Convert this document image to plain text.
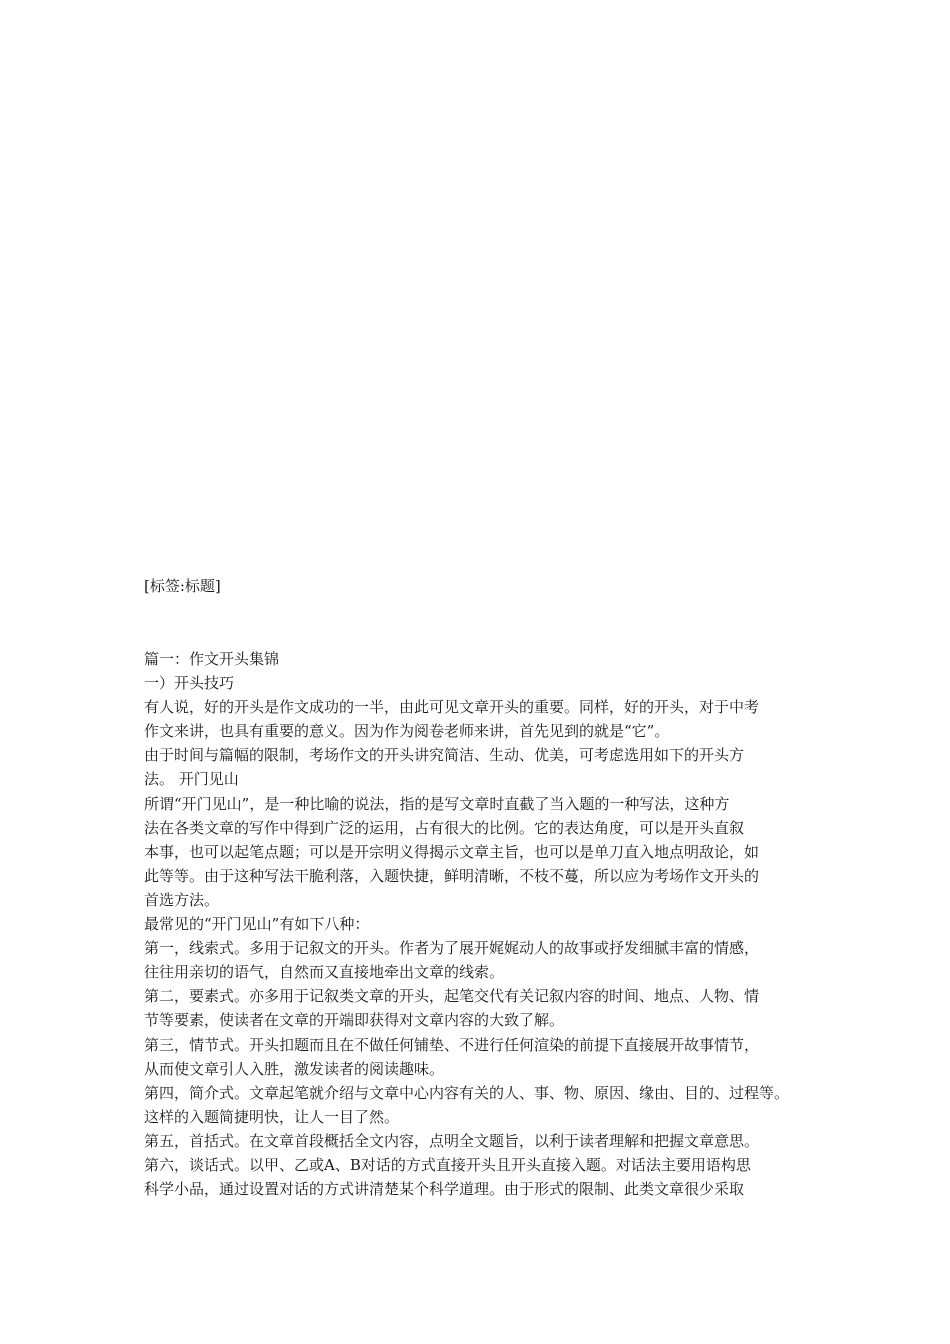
[标签:标题]
篇一：作文开头集锦
一）开头技巧
有人说，好的开头是作文成功的一半，由此可见文章开头的重要。同样，好的开头，对于中考
作文来讲，也具有重要的意义。因为作为阅卷老师来讲，首先见到的就是“它”。
由于时间与篇幅的限制，考场作文的开头讲究简洁、生动、优美，可考虑选用如下的开头方
法。 开门见山
所谓“开门见山”，是一种比喻的说法，指的是写文章时直截了当入题的一种写法，这种方
法在各类文章的写作中得到广泛的运用，占有很大的比例。它的表达角度，可以是开头直叙
本事，也可以起笔点题；可以是开宗明义得揭示文章主旨，也可以是单刀直入地点明敌论，如
此等等。由于这种写法干脆利落，入题快捷，鲜明清晰，不枝不蔓，所以应为考场作文开头的
首选方法。
最常见的“开门见山”有如下八种：
第一，线索式。多用于记叙文的开头。作者为了展开娓娓动人的故事或抒发细腻丰富的情感，
往往用亲切的语气，自然而又直接地牵出文章的线索。
第二，要素式。亦多用于记叙类文章的开头，起笔交代有关记叙内容的时间、地点、人物、情
节等要素，使读者在文章的开端即获得对文章内容的大致了解。
第三，情节式。开头扣题而且在不做任何铺垫、不进行任何渲染的前提下直接展开故事情节，
从而使文章引人入胜，激发读者的阅读趣味。
第四，简介式。文章起笔就介绍与文章中心内容有关的人、事、物、原因、缘由、目的、过程等。
这样的入题简捷明快，让人一目了然。
第五，首括式。在文章首段概括全文内容，点明全文题旨，以利于读者理解和把握文章意思。
第六，谈话式。以甲、乙或A、B对话的方式直接开头且开头直接入题。对话法主要用语构思
科学小品，通过设置对话的方式讲清楚某个科学道理。由于形式的限制、此类文章很少采取
